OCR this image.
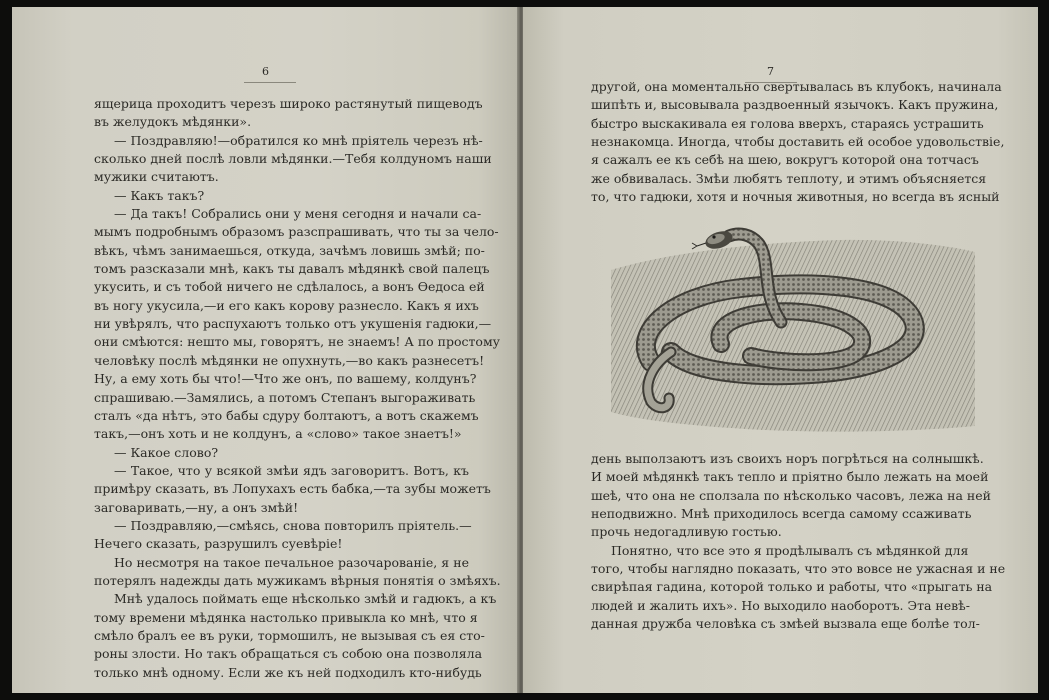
6
ящерица проходитъ черезъ широко растянутый пищеводъ
въ желудокъ мѣдянки».
— Поздравляю!—обратился ко мнѣ пріятель черезъ нѣ-
сколько дней послѣ ловли мѣдянки.—Тебя колдуномъ наши
мужики считаютъ.
— Какъ такъ?
— Да такъ! Собрались они у меня сегодня и начали са-
мымъ подробнымъ образомъ разспрашивать, что ты за чело-
вѣкъ, чѣмъ занимаешься, откуда, зачѣмъ ловишь змѣй; по-
томъ разсказали мнѣ, какъ ты давалъ мѣдянкѣ свой палецъ
укусить, и съ тобой ничего не сдѣлалось, а вонъ Ѳедоса ей
въ ногу укусила,—и его какъ корову разнесло. Какъ я ихъ
ни увѣрялъ, что распухаютъ только отъ укушенія гадюки,—
они смѣются: нешто мы, говорятъ, не знаемъ! А по простому
человѣку послѣ мѣдянки не опухнуть,—во какъ разнесетъ!
Ну, а ему хоть бы что!—Что же онъ, по вашему, колдунъ?
спрашиваю.—Замялись, а потомъ Степанъ выгораживать
сталъ «да нѣтъ, это бабы сдуру болтаютъ, а вотъ скажемъ
такъ,—онъ хоть и не колдунъ, а «слово» такое знаетъ!»
— Какое слово?
— Такое, что у всякой змѣи ядъ заговоритъ. Вотъ, къ
примѣру сказать, въ Лопухахъ есть бабка,—та зубы можетъ
заговаривать,—ну, а онъ змѣй!
— Поздравляю,—смѣясь, снова повторилъ пріятель.—
Нечего сказать, разрушилъ суевѣріе!
Но несмотря на такое печальное разочарованіе, я не
потерялъ надежды дать мужикамъ вѣрныя понятія о змѣяхъ.
Мнѣ удалось поймать еще нѣсколько змѣй и гадюкъ, а къ
тому времени мѣдянка настолько привыкла ко мнѣ, что я
смѣло бралъ ее въ руки, тормошилъ, не вызывая съ ея сто-
роны злости. Но такъ обращаться съ собою она позволяла
только мнѣ одному. Если же къ ней подходилъ кто-нибудь
7
другой, она моментально свертывалась въ клубокъ, начинала
шипѣть и, высовывала раздвоенный язычокъ. Какъ пружина,
быстро выскакивала ея голова вверхъ, стараясь устрашить
незнакомца. Иногда, чтобы доставить ей особое удовольствіе,
я сажалъ ее къ себѣ на шею, вокругъ которой она тотчасъ
же обвивалась. Змѣи любятъ теплоту, и этимъ объясняется
то, что гадюки, хотя и ночныя животныя, но всегда въ ясный
день выползаютъ изъ своихъ норъ погрѣться на солнышкѣ.
И моей мѣдянкѣ такъ тепло и пріятно было лежать на моей
шеѣ, что она не сползала по нѣсколько часовъ, лежа на ней
неподвижно. Мнѣ приходилось всегда самому ссаживать
прочь недогадливую гостью.
Понятно, что все это я продѣлывалъ съ мѣдянкой для
того, чтобы наглядно показать, что это вовсе не ужасная и не
свирѣпая гадина, которой только и работы, что «прыгать на
людей и жалить ихъ». Но выходило наоборотъ. Эта невѣ-
данная дружба человѣка съ змѣей вызвала еще болѣе тол-
